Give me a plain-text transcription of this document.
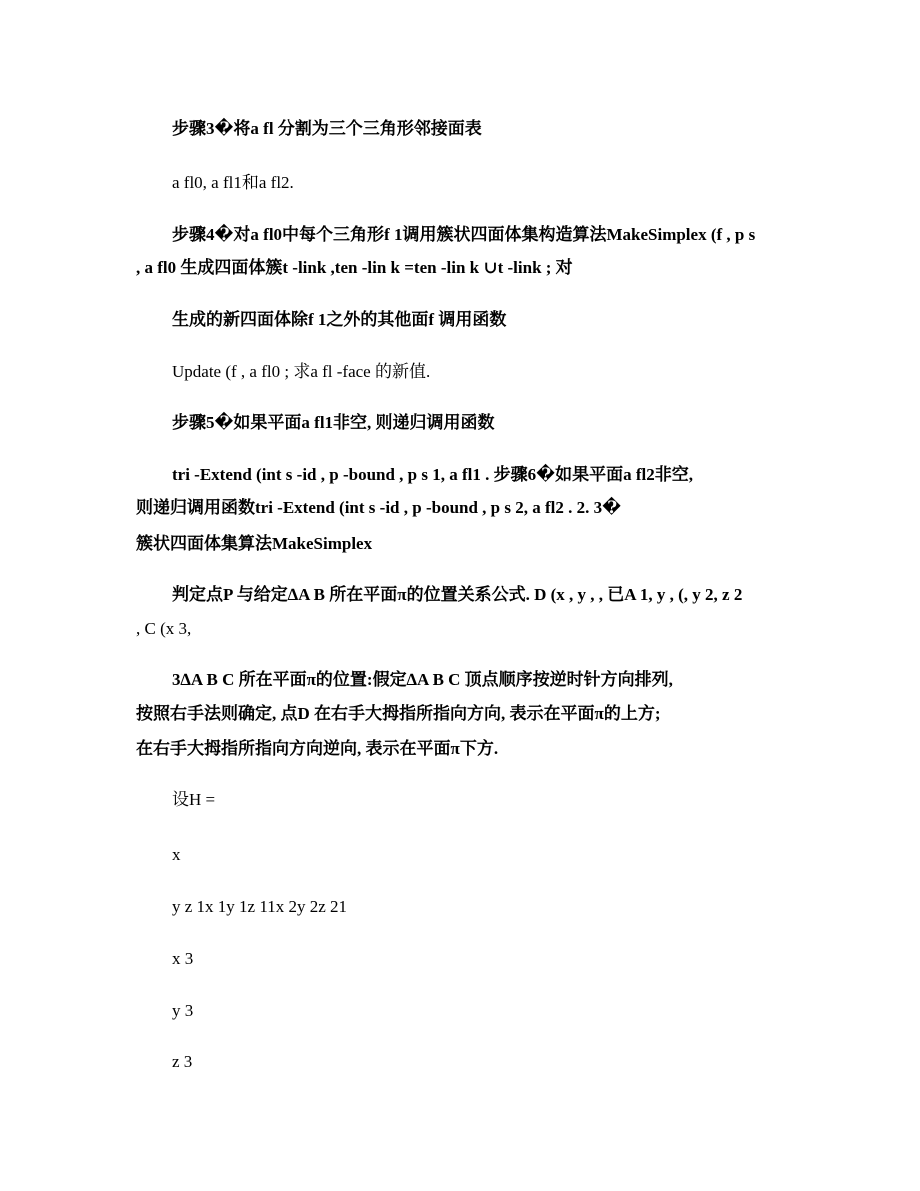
步骤3�将a fl 分割为三个三角形邻接面表
a fl0, a fl1和a fl2.
步骤4�对a fl0中每个三角形f 1调用簇状四面体集构造算法MakeSimplex (f , p s
, a fl0 生成四面体簇t -link ,ten -lin k =ten -lin k ∪t -link ; 对
生成的新四面体除f 1之外的其他面f 调用函数
Update (f , a fl0 ; 求a fl -face 的新值.
步骤5�如果平面a fl1非空, 则递归调用函数
tri -Extend (int s -id , p -bound , p s 1, a fl1 . 步骤6�如果平面a fl2非空,
则递归调用函数tri -Extend (int s -id , p -bound , p s 2, a fl2 . 2. 3�
簇状四面体集算法MakeSimplex
判定点P 与给定∆A B 所在平面π的位置关系公式. D (x , y , , 已A 1, y , (, y 2, z 2
, C (x 3,
3∆A B C 所在平面π的位置:假定∆A B C 顶点顺序按逆时针方向排列,
按照右手法则确定, 点D 在右手大拇指所指向方向, 表示在平面π的上方;
在右手大拇指所指向方向逆向, 表示在平面π下方.
设H =
x
y z 1x 1y 1z 11x 2y 2z 21
x 3
y 3
z 3
